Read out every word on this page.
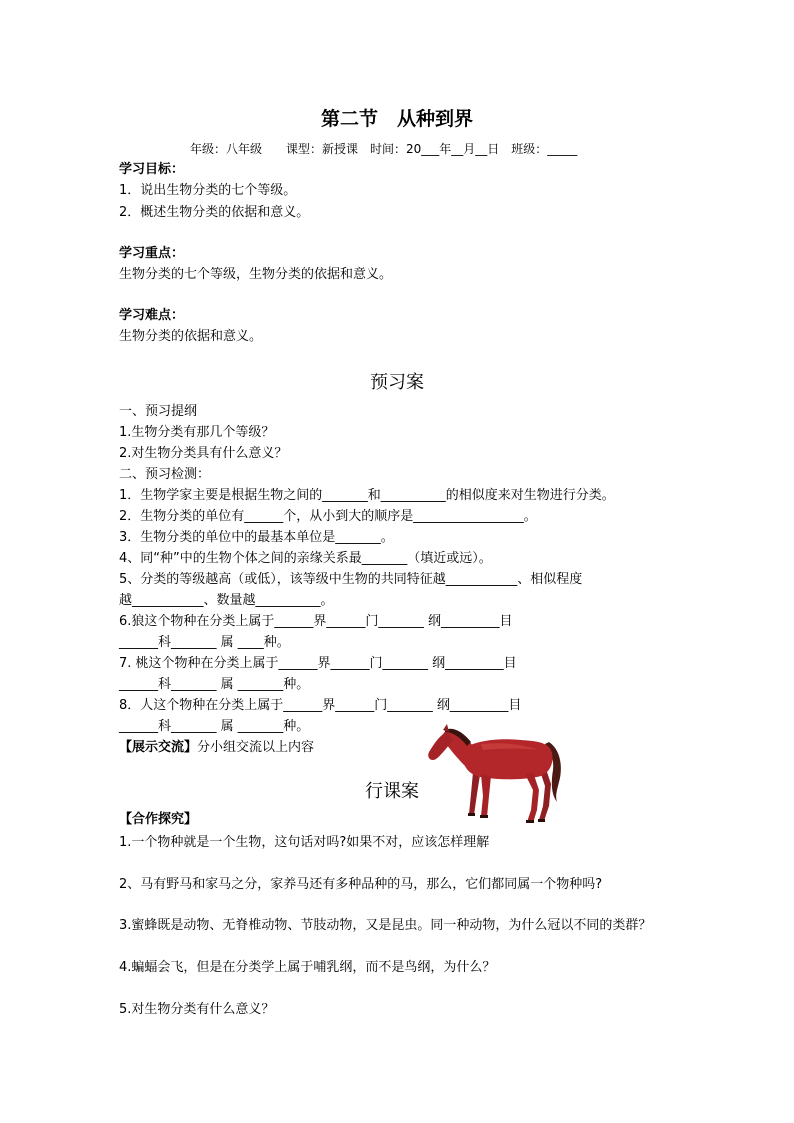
第二节　从种到界
年级：八年级　　课型：新授课　时间：20___年__月__日　班级：_____
学习目标：
1．说出生物分类的七个等级。
2．概述生物分类的依据和意义。
学习重点：
生物分类的七个等级，生物分类的依据和意义。
学习难点：
生物分类的依据和意义。
预习案
一、预习提纲
1.生物分类有那几个等级？
2.对生物分类具有什么意义？
二、预习检测：
1．生物学家主要是根据生物之间的_______和__________的相似度来对生物进行分类。
2．生物分类的单位有______个，从小到大的顺序是_________________。
3．生物分类的单位中的最基本单位是_______。
4、同“种”中的生物个体之间的亲缘关系最_______（填近或远）。
5、分类的等级越高（或低），该等级中生物的共同特征越___________、相似程度
越___________、数量越__________。
6.狼这个物种在分类上属于______界______门_______ 纲_________目
______科_______ 属 ____种。
7. 桃这个物种在分类上属于______界______门_______ 纲_________目
______科_______ 属 _______种。
8．人这个物种在分类上属于______界______门_______ 纲_________目
______科_______ 属 _______种。
【展示交流】分小组交流以上内容
行课案
【合作探究】
1.一个物种就是一个生物，这句话对吗?如果不对，应该怎样理解
2、马有野马和家马之分，家养马还有多种品种的马，那么，它们都同属一个物种吗?
3.蜜蜂既是动物、无脊椎动物、节肢动物，又是昆虫。同一种动物，为什么冠以不同的类群？
4.蝙蝠会飞，但是在分类学上属于哺乳纲，而不是鸟纲，为什么？
5.对生物分类有什么意义？
